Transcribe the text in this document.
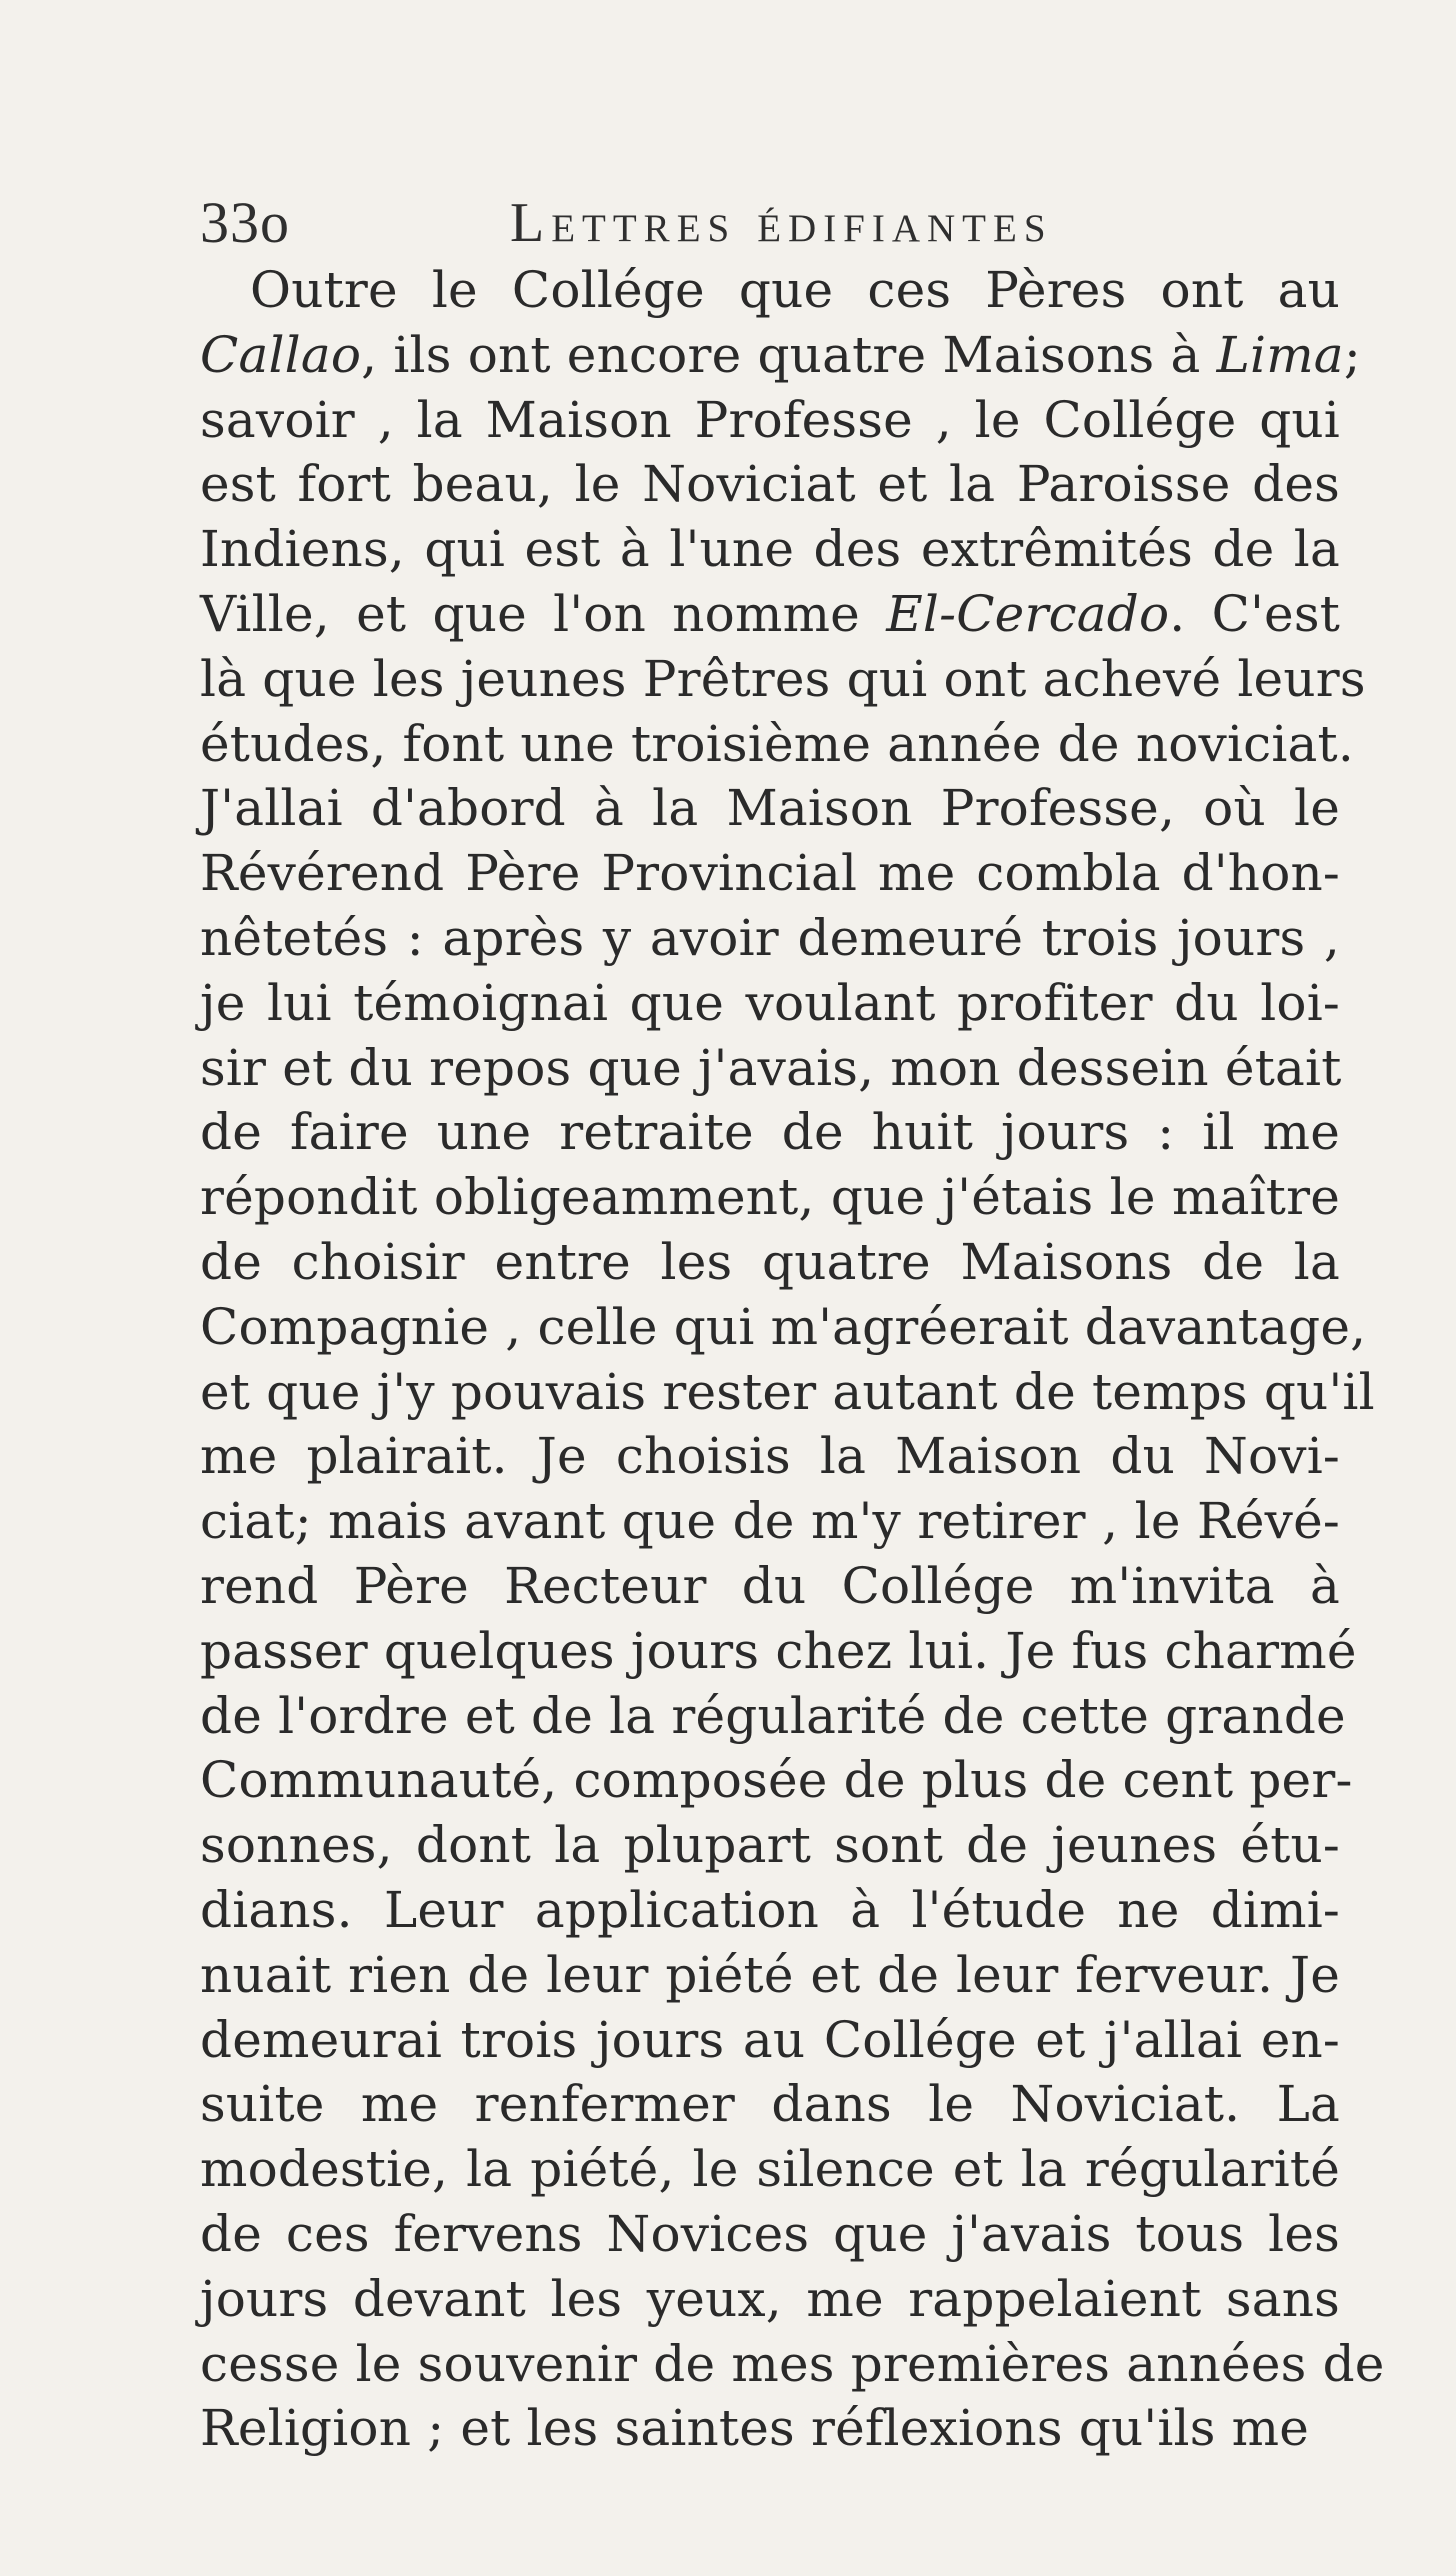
33o	Lettres édifiantes
Outre le Collége que ces Pères ont au
Callao, ils ont encore quatre Maisons à Lima;
savoir , la Maison Professe , le Collége qui
est fort beau, le Noviciat et la Paroisse des
Indiens, qui est à l'une des extrêmités de la
Ville, et que l'on nomme El-Cercado. C'est
là que les jeunes Prêtres qui ont achevé leurs
études, font une troisième année de noviciat.
J'allai d'abord à la Maison Professe, où le
Révérend Père Provincial me combla d'hon-
nêtetés : après y avoir demeuré trois jours ,
je lui témoignai que voulant profiter du loi-
sir et du repos que j'avais, mon dessein était
de faire une retraite de huit jours : il me
répondit obligeamment, que j'étais le maître
de choisir entre les quatre Maisons de la
Compagnie , celle qui m'agréerait davantage,
et que j'y pouvais rester autant de temps qu'il
me plairait. Je choisis la Maison du Novi-
ciat; mais avant que de m'y retirer , le Révé-
rend Père Recteur du Collége m'invita à
passer quelques jours chez lui. Je fus charmé
de l'ordre et de la régularité de cette grande
Communauté, composée de plus de cent per-
sonnes, dont la plupart sont de jeunes étu-
dians. Leur application à l'étude ne dimi-
nuait rien de leur piété et de leur ferveur. Je
demeurai trois jours au Collége et j'allai en-
suite me renfermer dans le Noviciat. La
modestie, la piété, le silence et la régularité
de ces fervens Novices que j'avais tous les
jours devant les yeux, me rappelaient sans
cesse le souvenir de mes premières années de
Religion ; et les saintes réflexions qu'ils me
